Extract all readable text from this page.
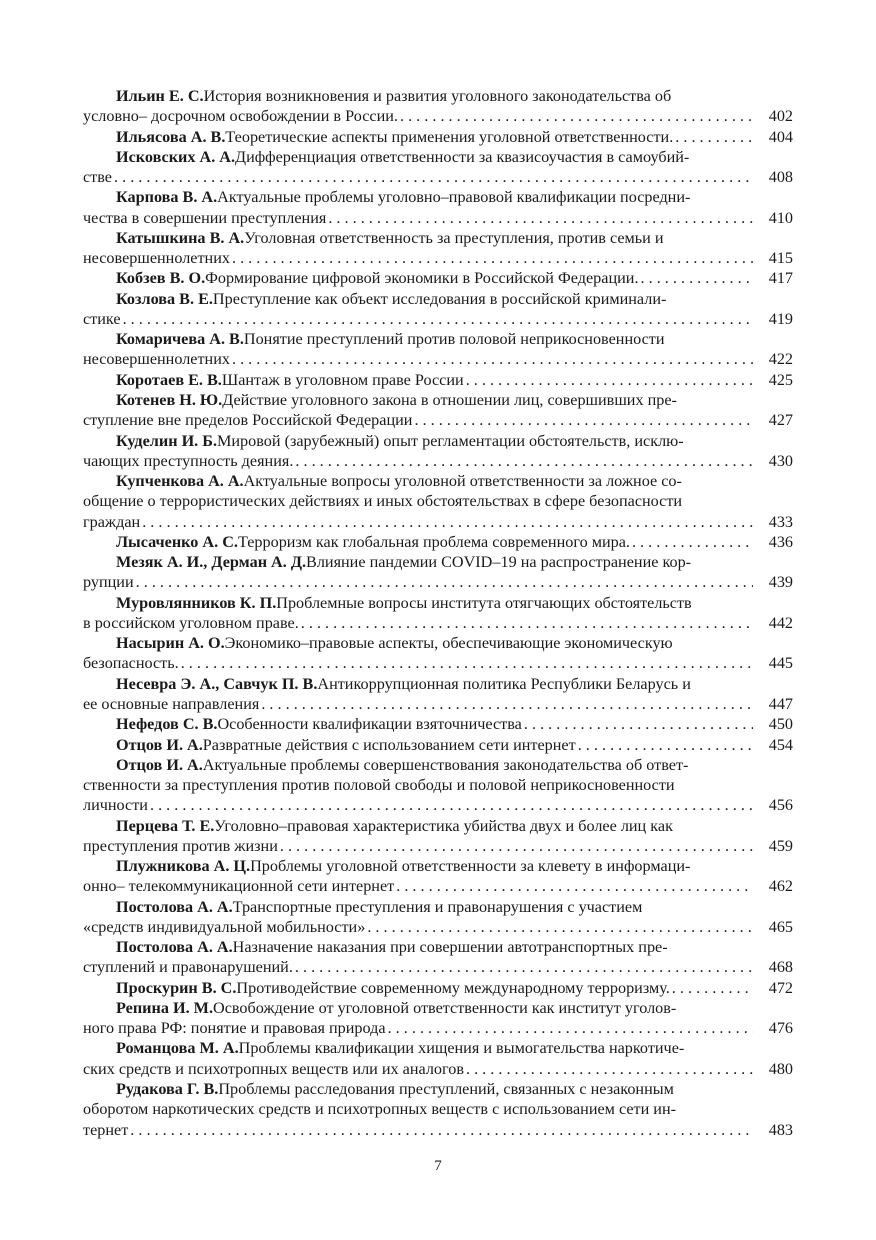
Ильин Е. С. История возникновения и развития уголовного законодательства об
условно– досрочном освобождении в России. . . .	402
Ильясова А. В. Теоретические аспекты применения уголовной ответственности. . . .	404
Исковских А. А. Дифференциация ответственности за квазисоучастия в самоубий-
стве . . .	408
Карпова В. А. Актуальные проблемы уголовно–правовой квалификации посредни-
чества в совершении преступления . . .	410
Катышкина В. А. Уголовная ответственность за преступления, против семьи и
несовершеннолетних . . .	415
Кобзев В. О. Формирование цифровой экономики в Российской Федерации. . . .	417
Козлова В. Е. Преступление как объект исследования в российской криминали-
стике . . .	419
Комаричева А. В. Понятие преступлений против половой неприкосновенности
несовершеннолетних . . .	422
Коротаев Е. В. Шантаж в уголовном праве России . . .	425
Котенев Н. Ю. Действие уголовного закона в отношении лиц, совершивших пре-
ступление вне пределов Российской Федерации . . .	427
Куделин И. Б. Мировой (зарубежный) опыт регламентации обстоятельств, исклю-
чающих преступность деяния. . . .	430
Купченкова А. А. Актуальные вопросы уголовной ответственности за ложное со-
общение о террористических действиях и иных обстоятельствах в сфере безопасности
граждан . . .	433
Лысаченко А. С. Терроризм как глобальная проблема современного мира. . . .	436
Мезяк А. И., Дерман А. Д. Влияние пандемии COVID–19 на распространение кор-
рупции . . .	439
Муровлянников К. П. Проблемные вопросы института отягчающих обстоятельств
в российском уголовном праве. . . .	442
Насырин А. О. Экономико–правовые аспекты, обеспечивающие экономическую
безопасность. . . .	445
Несевра Э. А., Савчук П. В. Антикоррупционная политика Республики Беларусь и
ее основные направления . . .	447
Нефедов С. В. Особенности квалификации взяточничества . . .	450
Отцов И. А. Развратные действия с использованием сети интернет . . .	454
Отцов И. А. Актуальные проблемы совершенствования законодательства об ответ-
ственности за преступления против половой свободы и половой неприкосновенности
личности . . .	456
Перцева Т. Е. Уголовно–правовая характеристика убийства двух и более лиц как
преступления против жизни . . .	459
Плужникова А. Ц. Проблемы уголовной ответственности за клевету в информаци-
онно– телекоммуникационной сети интернет . . .	462
Постолова А. А. Транспортные преступления и правонарушения с участием
«средств индивидуальной мобильности» . . .	465
Постолова А. А. Назначение наказания при совершении автотранспортных пре-
ступлений и правонарушений. . . .	468
Проскурин В. С. Противодействие современному международному терроризму. . . .	472
Репина И. М. Освобождение от уголовной ответственности как институт уголов-
ного права РФ: понятие и правовая природа . . .	476
Романцова М. А. Проблемы квалификации хищения и вымогательства наркотиче-
ских средств и психотропных веществ или их аналогов . . .	480
Рудакова Г. В. Проблемы расследования преступлений, связанных с незаконным
оборотом наркотических средств и психотропных веществ с использованием сети ин-
тернет . . .	483
7
